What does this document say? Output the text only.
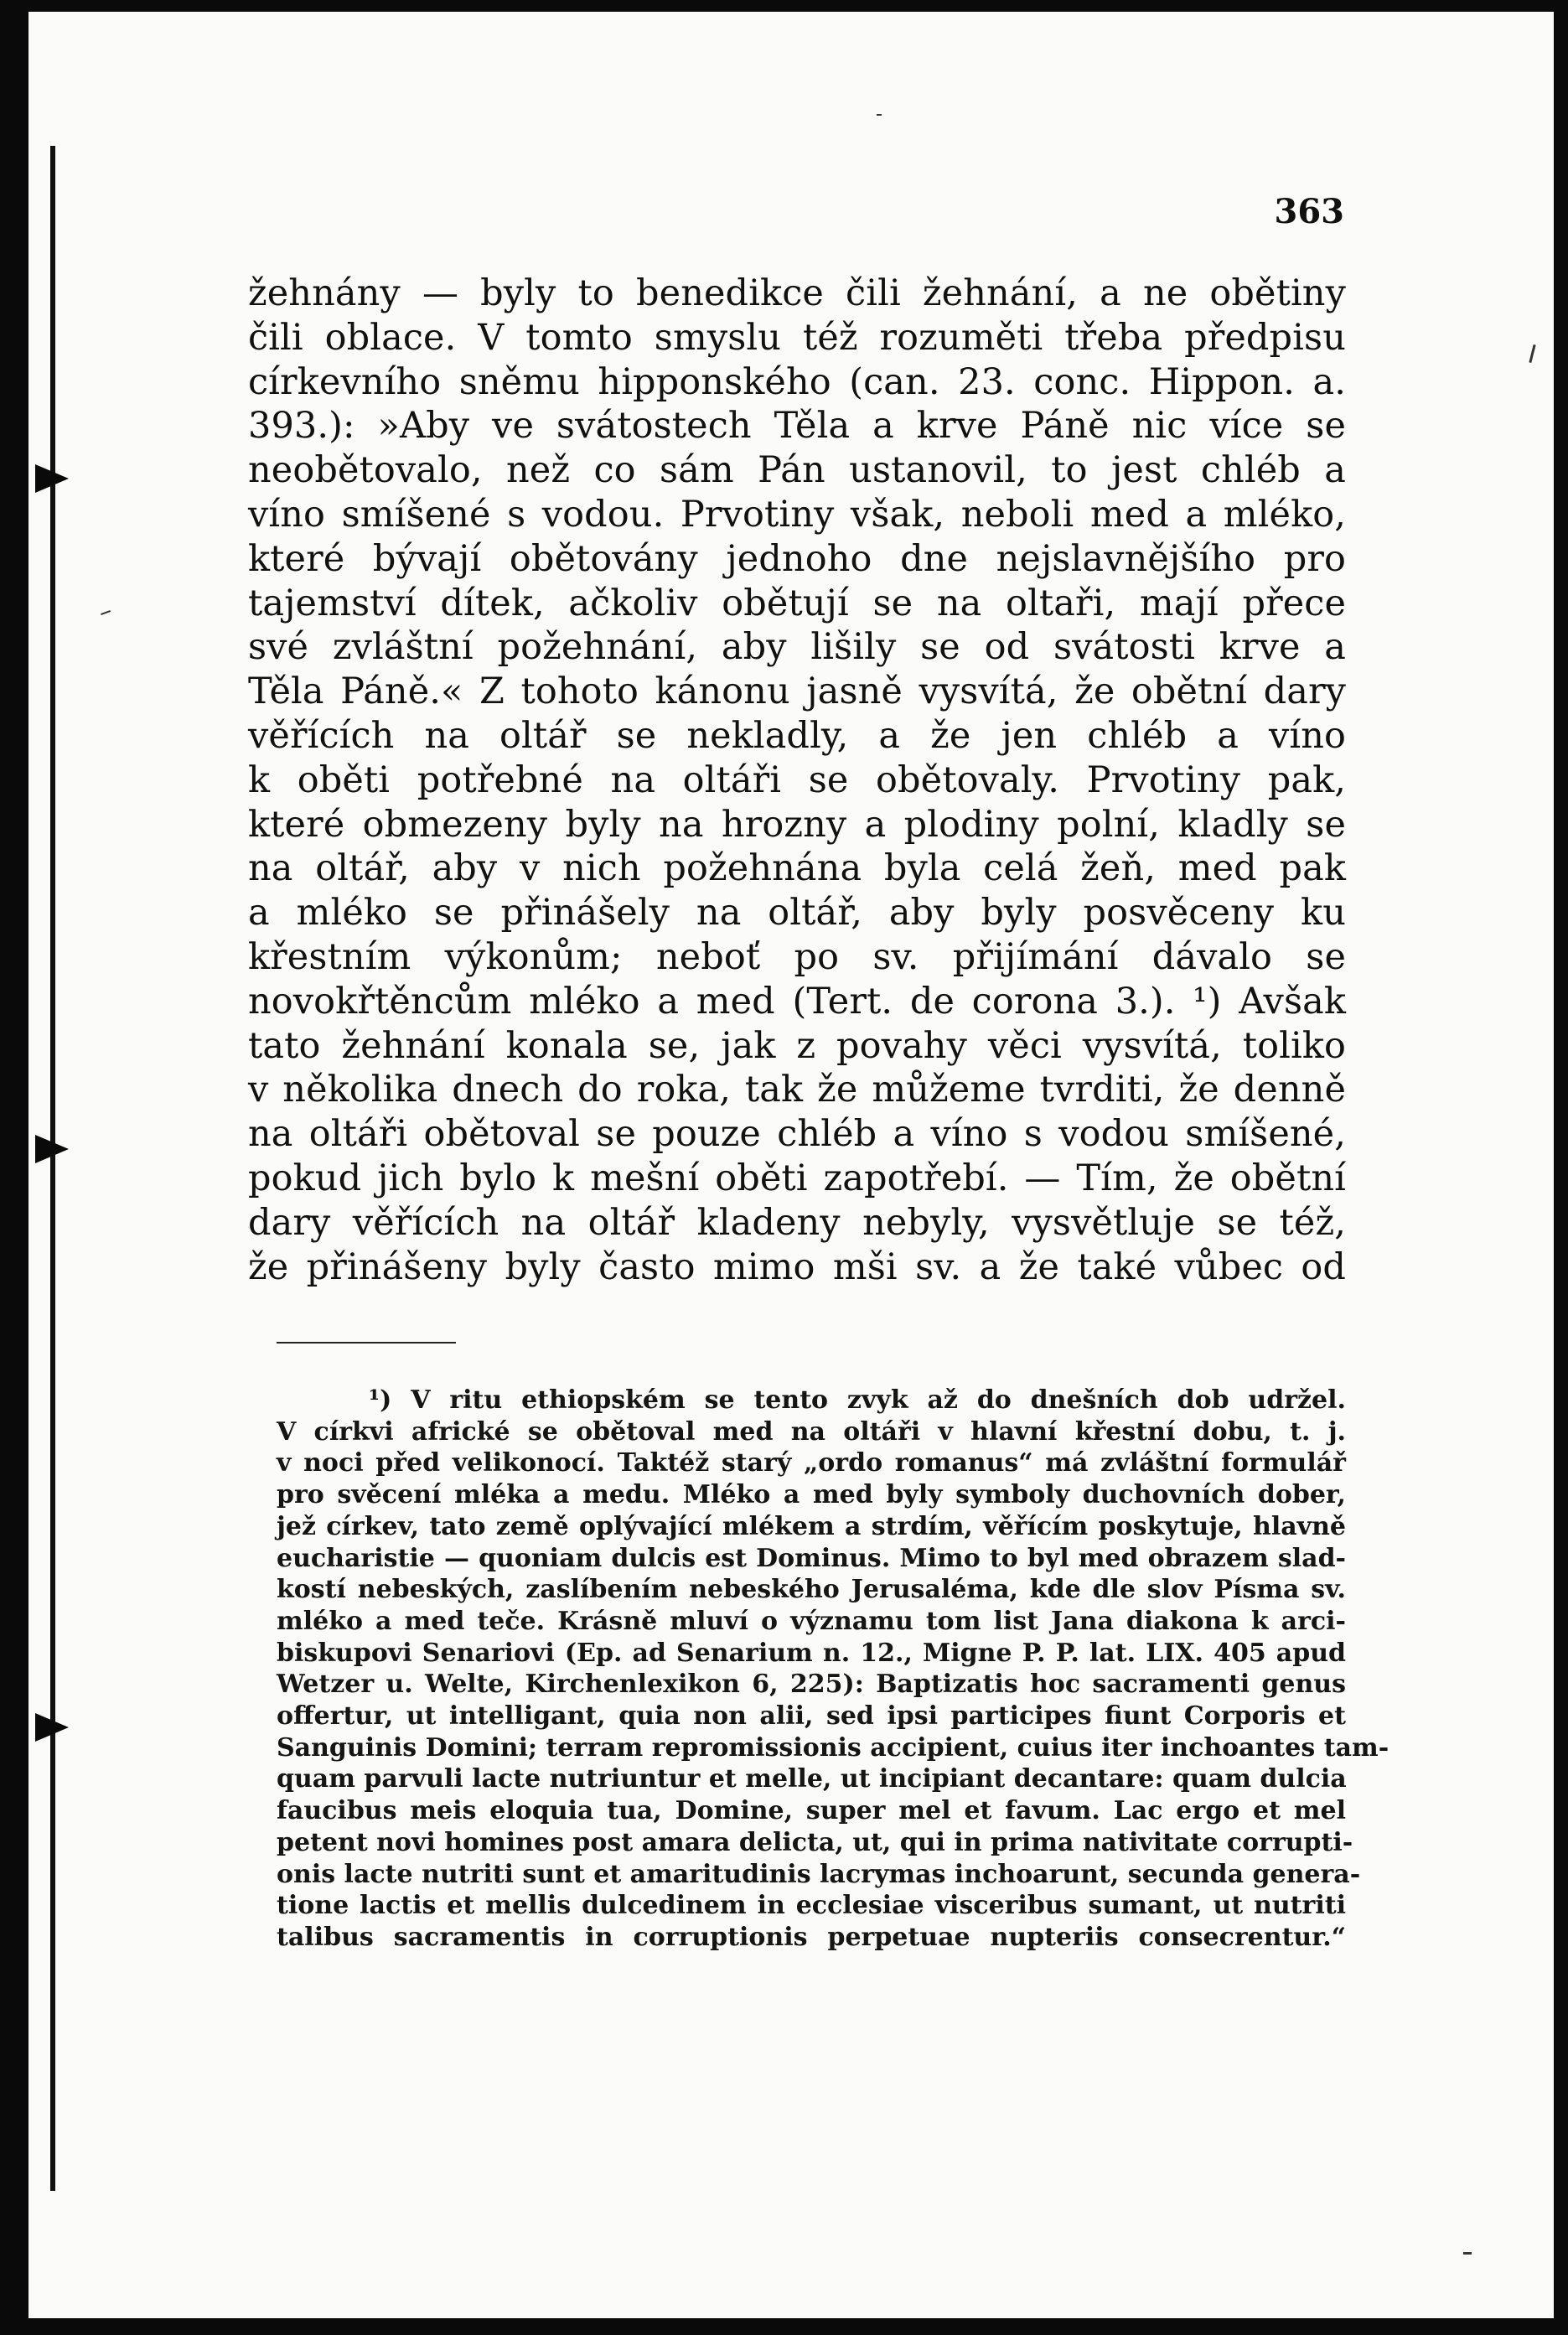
363
žehnány — byly to benedikce čili žehnání, a ne obětiny
čili oblace. V tomto smyslu též rozuměti třeba předpisu
církevního sněmu hipponského (can. 23. conc. Hippon. a.
393.): »Aby ve svátostech Těla a krve Páně nic více se
neobětovalo, než co sám Pán ustanovil, to jest chléb a
víno smíšené s vodou. Prvotiny však, neboli med a mléko,
které bývají obětovány jednoho dne nejslavnějšího pro
tajemství dítek, ačkoliv obětují se na oltaři, mají přece
své zvláštní požehnání, aby lišily se od svátosti krve a
Těla Páně.« Z tohoto kánonu jasně vysvítá, že obětní dary
věřících na oltář se nekladly, a že jen chléb a víno
k oběti potřebné na oltáři se obětovaly. Prvotiny pak,
které obmezeny byly na hrozny a plodiny polní, kladly se
na oltář, aby v nich požehnána byla celá žeň, med pak
a mléko se přinášely na oltář, aby byly posvěceny ku
křestním výkonům; neboť po sv. přijímání dávalo se
novokřtěncům mléko a med (Tert. de corona 3.). ¹) Avšak
tato žehnání konala se, jak z povahy věci vysvítá, toliko
v několika dnech do roka, tak že můžeme tvrditi, že denně
na oltáři obětoval se pouze chléb a víno s vodou smíšené,
pokud jich bylo k mešní oběti zapotřebí. — Tím, že obětní
dary věřících na oltář kladeny nebyly, vysvětluje se též,
že přinášeny byly často mimo mši sv. a že také vůbec od
¹) V ritu ethiopském se tento zvyk až do dnešních dob udržel.
V církvi africké se obětoval med na oltáři v hlavní křestní dobu, t. j.
v noci před velikonocí. Taktéž starý „ordo romanus“ má zvláštní formulář
pro svěcení mléka a medu. Mléko a med byly symboly duchovních dober,
jež církev, tato země oplývající mlékem a strdím, věřícím poskytuje, hlavně
eucharistie — quoniam dulcis est Dominus. Mimo to byl med obrazem slad-
kostí nebeských, zaslíbením nebeského Jerusaléma, kde dle slov Písma sv.
mléko a med teče. Krásně mluví o významu tom list Jana diakona k arci-
biskupovi Senariovi (Ep. ad Senarium n. 12., Migne P. P. lat. LIX. 405 apud
Wetzer u. Welte, Kirchenlexikon 6, 225): Baptizatis hoc sacramenti genus
offertur, ut intelligant, quia non alii, sed ipsi participes fiunt Corporis et
Sanguinis Domini; terram repromissionis accipient, cuius iter inchoantes tam-
quam parvuli lacte nutriuntur et melle, ut incipiant decantare: quam dulcia
faucibus meis eloquia tua, Domine, super mel et favum. Lac ergo et mel
petent novi homines post amara delicta, ut, qui in prima nativitate corrupti-
onis lacte nutriti sunt et amaritudinis lacrymas inchoarunt, secunda genera-
tione lactis et mellis dulcedinem in ecclesiae visceribus sumant, ut nutriti
talibus sacramentis in corruptionis perpetuae nupteriis consecrentur.“
